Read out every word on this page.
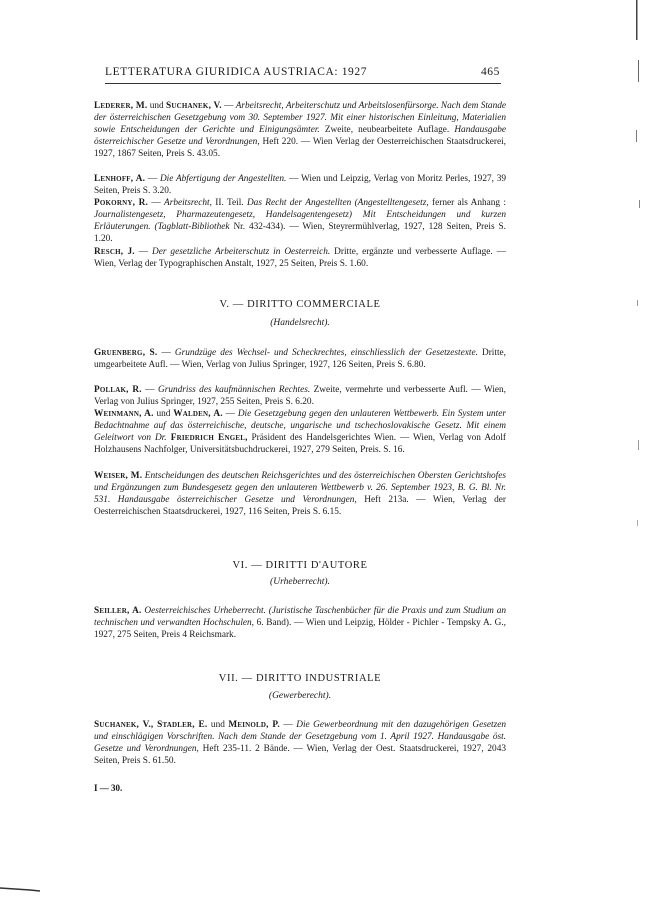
LETTERATURA GIURIDICA AUSTRIACA: 1927	465
Lederer, M. und Suchanek, V. — Arbeitsrecht, Arbeiterschutz und Arbeitslosenfürsorge. Nach dem Stande der österreichischen Gesetzgebung vom 30. September 1927. Mit einer historischen Einleitung, Materialien sowie Entscheidungen der Gerichte und Einigungsämter. Zweite, neubearbeitete Auflage. Handausgabe österreichischer Gesetze und Verordnungen, Heft 220. — Wien Verlag der Oesterreichischen Staatsdruckerei, 1927, 1867 Seiten, Preis S. 43.05.
Lenhoff, A. — Die Abfertigung der Angestellten. — Wien und Leipzig, Verlag von Moritz Perles, 1927, 39 Seiten, Preis S. 3.20.
Pokorny, R. — Arbeitsrecht, II. Teil. Das Recht der Angestellten (Angestelltengesetz, ferner als Anhang : Journalistengesetz, Pharmazeutengesetz, Handelsagentengesetz) Mit Entscheidungen und kurzen Erläuterungen. (Tagblatt-Bibliothek Nr. 432-434). — Wien, Steyrermühlverlag, 1927, 128 Seiten, Preis S. 1.20.
Resch, J. — Der gesetzliche Arbeiterschutz in Oesterreich. Dritte, ergänzte und verbesserte Auflage. — Wien, Verlag der Typographischen Anstalt, 1927, 25 Seiten, Preis S. 1.60.
V. — DIRITTO COMMERCIALE
(Handelsrecht).
Gruenberg, S. — Grundzüge des Wechsel- und Scheckrechtes, einschliesslich der Gesetzestexte. Dritte, umgearbeitete Aufl. — Wien, Verlag von Julius Springer, 1927, 126 Seiten, Preis S. 6.80.
Pollak, R. — Grundriss des kaufmännischen Rechtes. Zweite, vermehrte und verbesserte Aufl. — Wien, Verlag von Julius Springer, 1927, 255 Seiten, Preis S. 6.20.
Weinmann, A. und Walden, A. — Die Gesetzgebung gegen den unlauteren Wettbewerb. Ein System unter Bedachtnahme auf das österreichische, deutsche, ungarische und tschechoslovakische Gesetz. Mit einem Geleitwort von Dr. Friedrich Engel, Präsident des Handelsgerichtes Wien. — Wien, Verlag von Adolf Holzhausens Nachfolger, Universitätsbuchdruckerei, 1927, 279 Seiten, Preis. S. 16.
Weiser, M. Entscheidungen des deutschen Reichsgerichtes und des österreichischen Obersten Gerichtshofes und Ergänzungen zum Bundesgesetz gegen den unlauteren Wettbewerb v. 26. September 1923, B. G. Bl. Nr. 531. Handausgabe österreichischer Gesetze und Verordnungen, Heft 213a. — Wien, Verlag der Oesterreichischen Staatsdruckerei, 1927, 116 Seiten, Preis S. 6.15.
VI. — DIRITTI D'AUTORE
(Urheberrecht).
Seiller, A. Oesterreichisches Urheberrecht. (Juristische Taschenbücher für die Praxis und zum Studium an technischen und verwandten Hochschulen, 6. Band). — Wien und Leipzig, Hölder - Pichler - Tempsky A. G., 1927, 275 Seiten, Preis 4 Reichsmark.
VII. — DIRITTO INDUSTRIALE
(Gewerberecht).
Suchanek, V., Stadler, E. und Meinold, P. — Die Gewerbeordnung mit den dazugehörigen Gesetzen und einschlägigen Vorschriften. Nach dem Stande der Gesetzgebung vom 1. April 1927. Handausgabe öst. Gesetze und Verordnungen, Heft 235-11. 2 Bände. — Wien, Verlag der Oest. Staatsdruckerei, 1927, 2043 Seiten, Preis S. 61.50.
I — 30.
